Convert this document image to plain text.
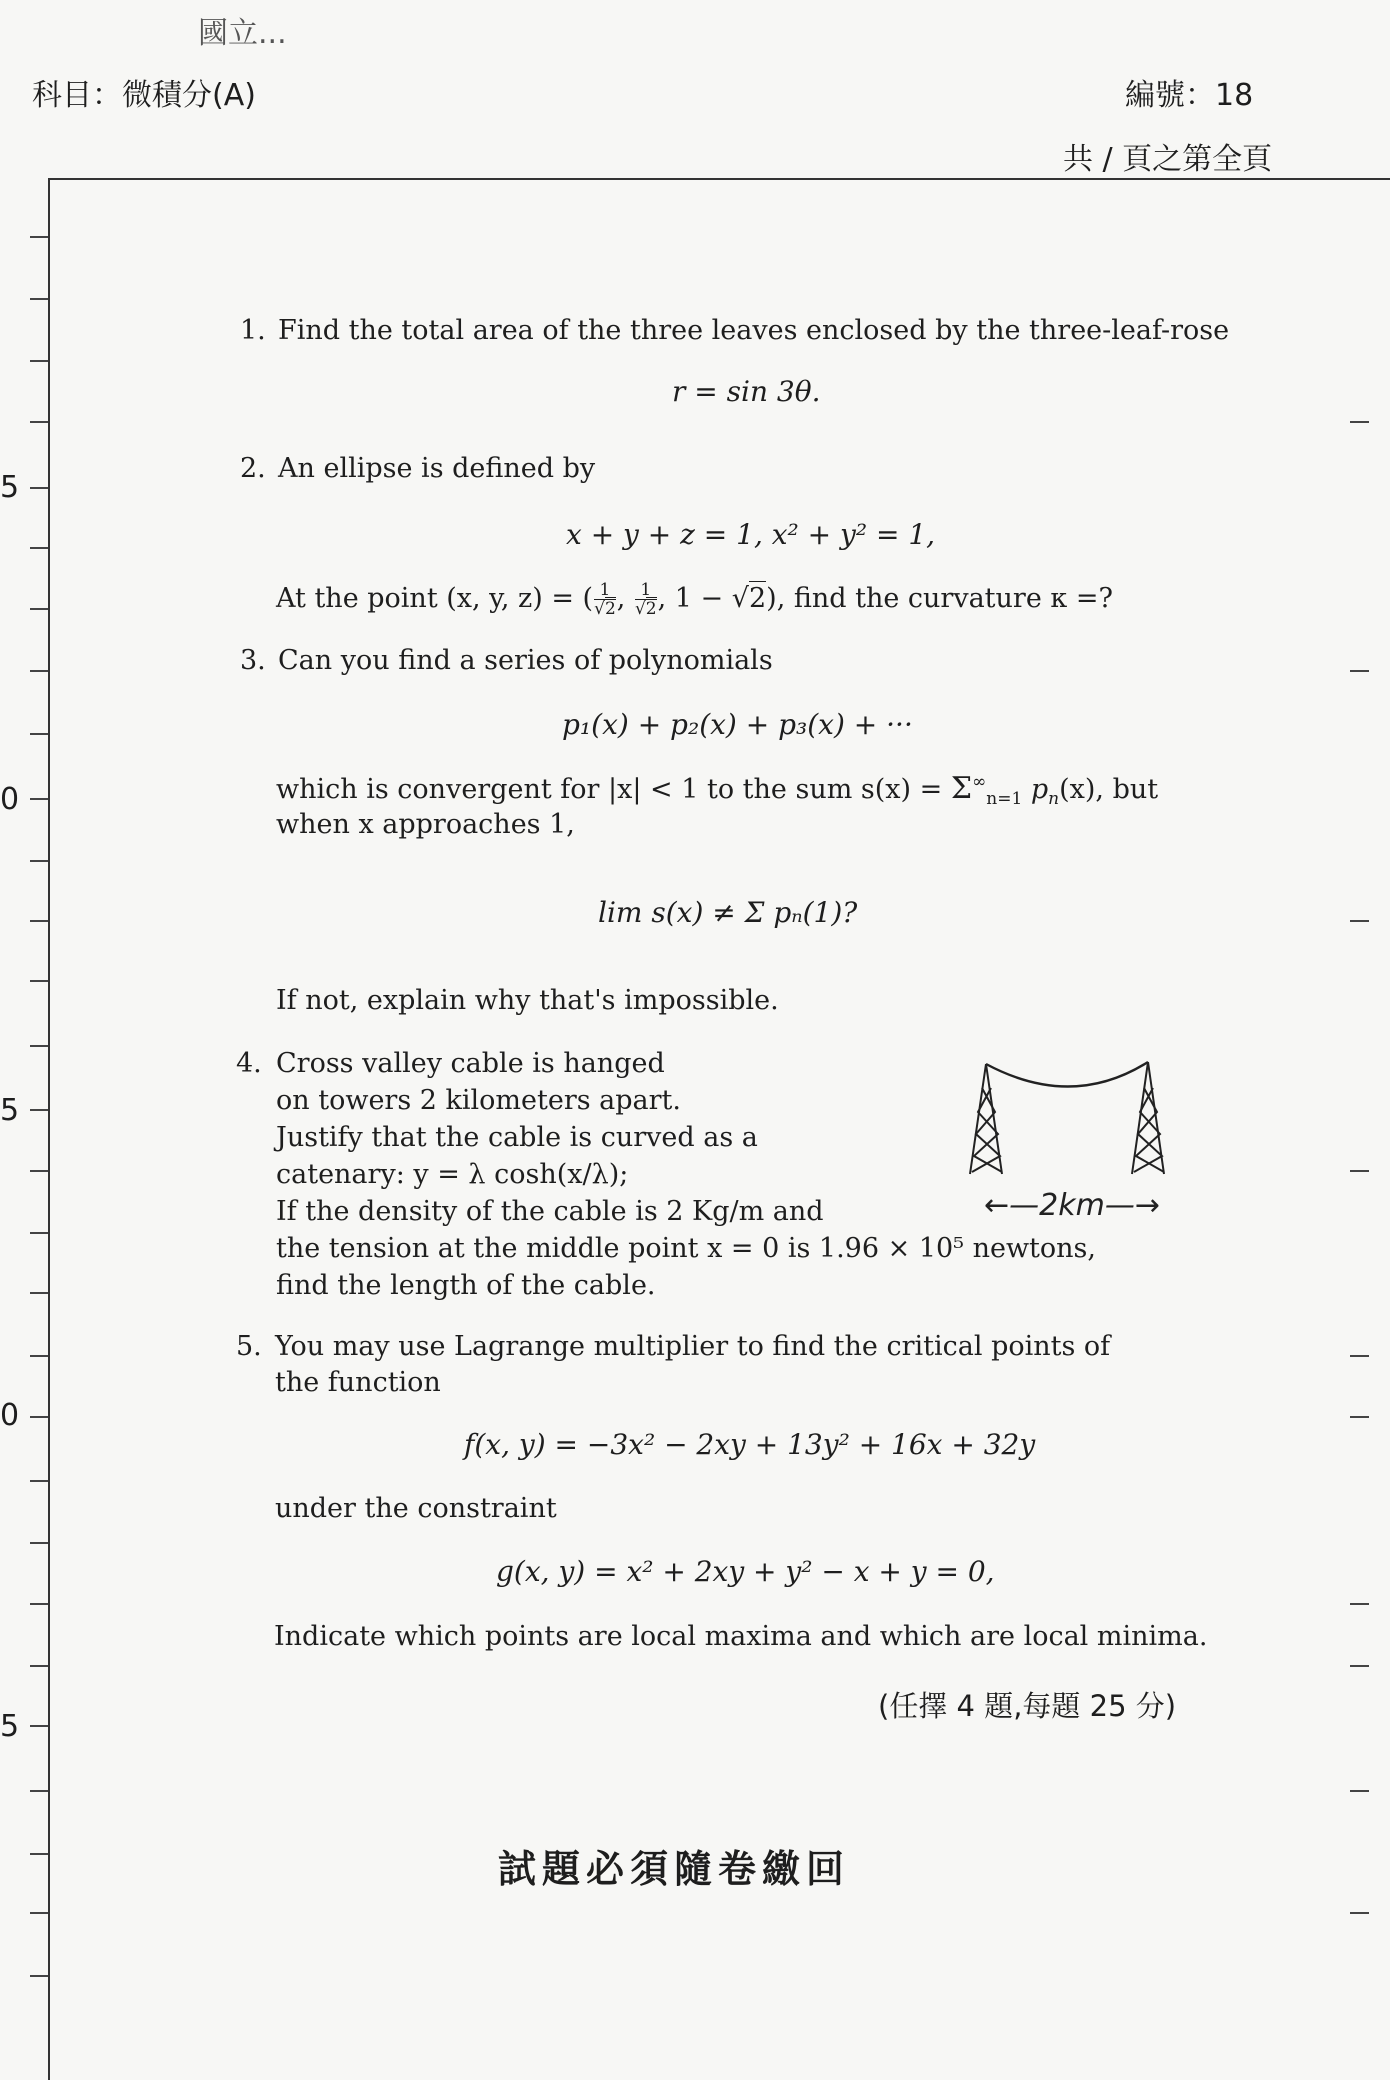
國立...
科目：微積分(A)	編號：18
共 / 頁之第全頁
5
0
5
0
5
1. Find the total area of the three leaves enclosed by the three-leaf-rose
r = sin 3θ.
2. An ellipse is defined by
x + y + z = 1, x² + y² = 1,
At the point (x, y, z) = ( $\frac{1}{√2}$ , $\frac{1}{√2}$ , 1 − √2), find the curvature κ =?
3. Can you find a series of polynomials
p₁(x) + p₂(x) + p₃(x) + ···
which is convergent for |x| < 1 to the sum $s(x) = \Sigma^\infty_{n=1}$ $p_n(x)$, but
when x approaches 1,
lim s(x) ≠ Σ pₙ(1)?
If not, explain why that's impossible.
4. Cross valley cable is hanged
on towers 2 kilometers apart.
Justify that the cable is curved as a
catenary: y = λ cosh(x/λ);
If the density of the cable is 2 Kg/m and
the tension at the middle point x = 0 is 1.96 × 10⁵ newtons,
find the length of the cable.
←—2km—→
5. You may use Lagrange multiplier to find the critical points of
the function
f(x, y) = −3x² − 2xy + 13y² + 16x + 32y
under the constraint
g(x, y) = x² + 2xy + y² − x + y = 0,
Indicate which points are local maxima and which are local minima.
(任擇 4 題,每題 25 分)
試題必須隨卷繳回
